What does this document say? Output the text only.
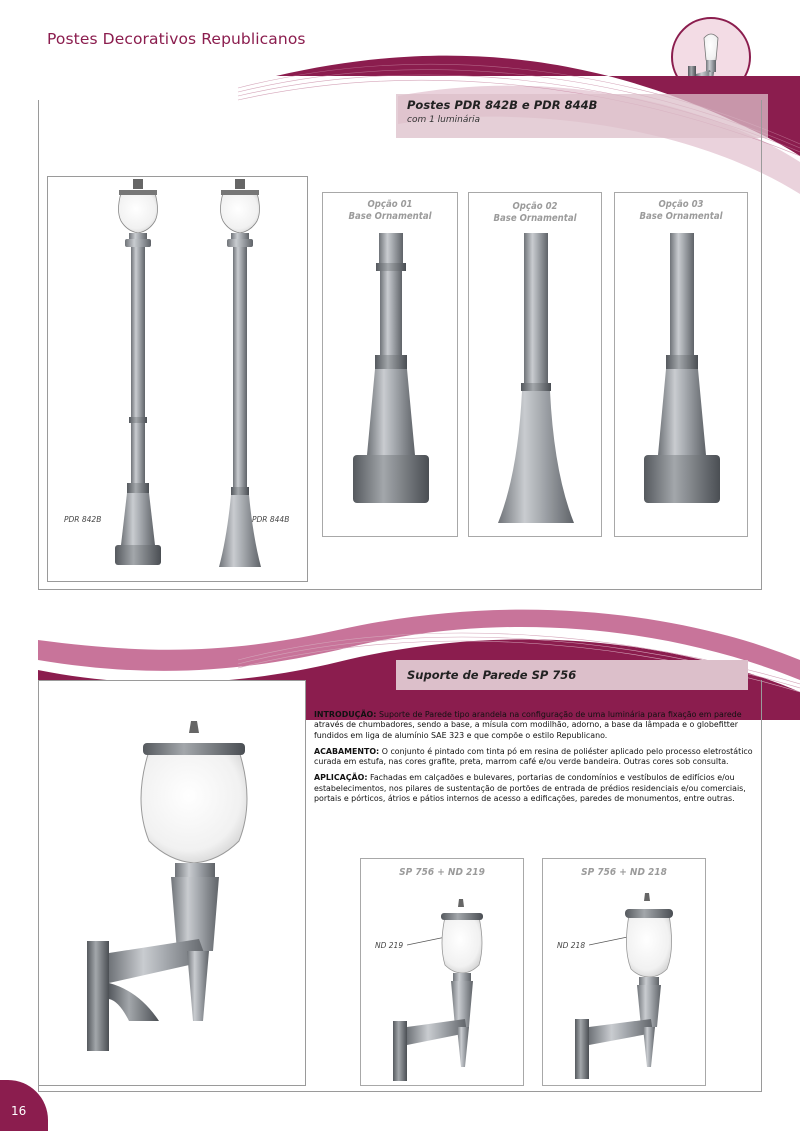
Postes Decorativos Republicanos
NL NEWLUX®
Postes PDR 842B e PDR 844B
com 1 luminária
PDR 842B	PDR 844B
Opção 01
Base Ornamental
Opção 02
Base Ornamental
Opção 03
Base Ornamental
Suporte de Parede SP 756

INTRODUÇÃO: Suporte de Parede tipo arandela na configuração de uma luminária para fixação em parede através de chumbadores, sendo a base, a mísula com modilhão, adorno, a base da lâmpada e o globefitter fundidos em liga de alumínio SAE 323 e que compõe o estilo Republicano.

ACABAMENTO: O conjunto é pintado com tinta pó em resina de poliéster aplicado pelo processo eletrostático curada em estufa, nas cores grafite, preta, marrom café e/ou verde bandeira. Outras cores sob consulta.

APLICAÇÃO: Fachadas em calçadões e bulevares, portarias de condomínios e vestíbulos de edifícios e/ou estabelecimentos, nos pilares de sustentação de portões de entrada de prédios residenciais e/ou comerciais, portais e pórticos, átrios e pátios internos de acesso a edificações, paredes de monumentos, entre outras.

SP 756 + ND 219
ND 219
SP 756 + ND 218
ND 218
16
